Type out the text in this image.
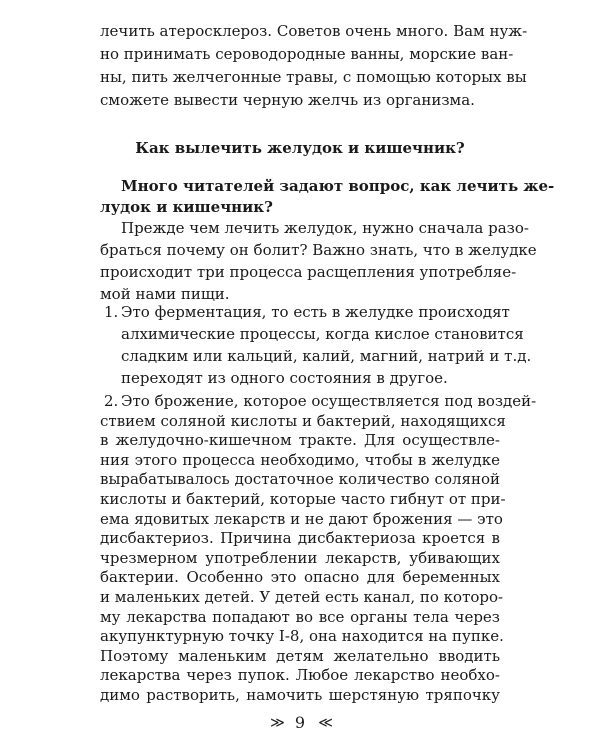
лечить атеросклероз. Советов очень много. Вам нуж-
но принимать сероводородные ванны, морские ван-
ны, пить желчегонные травы, с помощью которых вы
сможете вывести черную желчь из организма.
Как вылечить желудок и кишечник?
Много читателей задают вопрос, как лечить же-
лудок и кишечник?
Прежде чем лечить желудок, нужно сначала разо-
браться почему он болит? Важно знать, что в желудке
происходит три процесса расщепления употребляе-
мой нами пищи.
1. Это ферментация, то есть в желудке происходят
алхимические процессы, когда кислое становится
сладким или кальций, калий, магний, натрий и т.д.
переходят из одного состояния в другое.
2. Это брожение, которое осуществляется под воздей-
ствием соляной кислоты и бактерий, находящихся
в желудочно-кишечном тракте. Для осуществле-
ния этого процесса необходимо, чтобы в желудке
вырабатывалось достаточное количество соляной
кислоты и бактерий, которые часто гибнут от при-
ема ядовитых лекарств и не дают брожения — это
дисбактериоз. Причина дисбактериоза кроется в
чрезмерном употреблении лекарств, убивающих
бактерии. Особенно это опасно для беременных
и маленьких детей. У детей есть канал, по которо-
му лекарства попадают во все органы тела через
акупунктурную точку I-8, она находится на пупке.
Поэтому маленьким детям желательно вводить
лекарства через пупок. Любое лекарство необхо-
димо растворить, намочить шерстяную тряпочку
≫ 9 ≪
